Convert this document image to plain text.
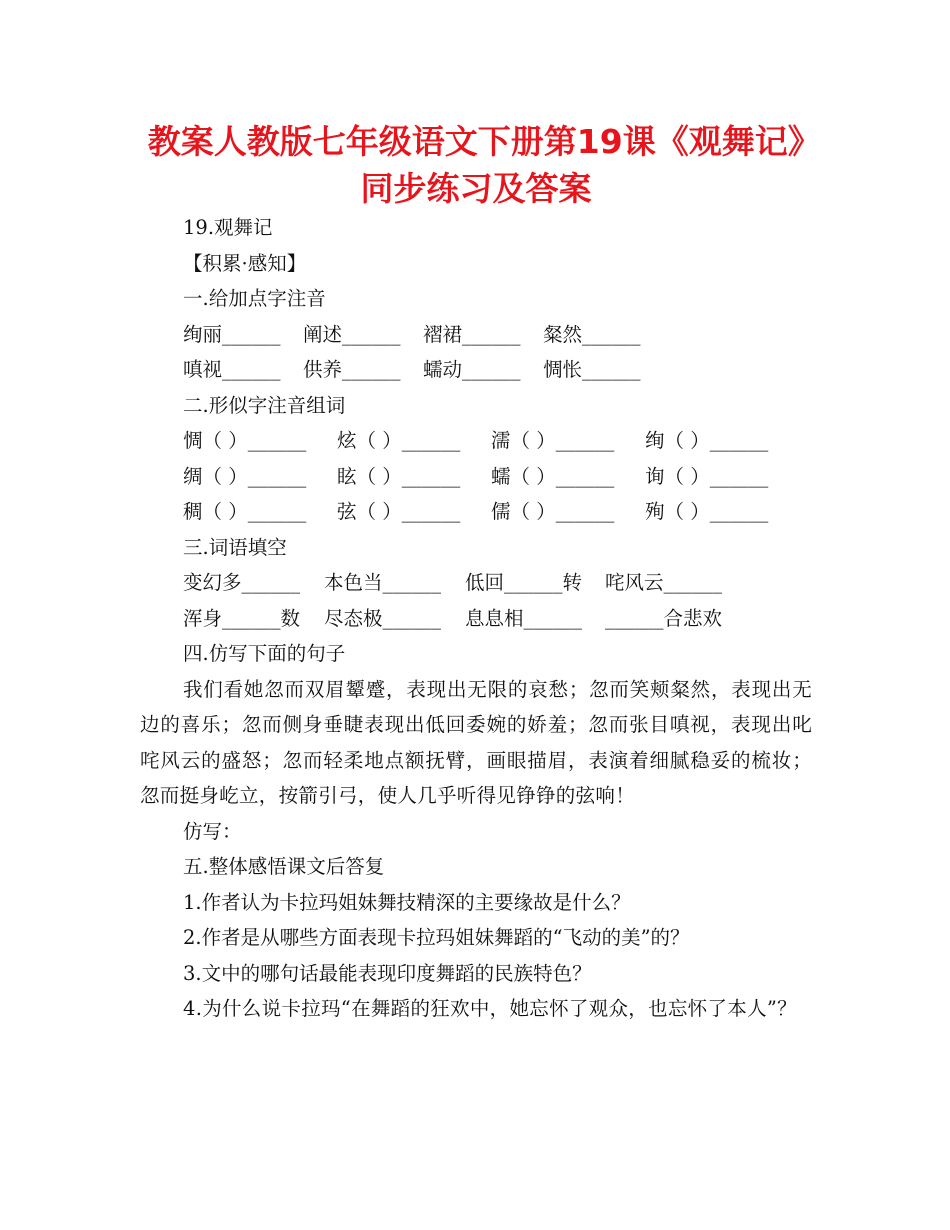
教案人教版七年级语文下册第19课《观舞记》同步练习及答案
19.观舞记
【积累·感知】
一.给加点字注音
绚丽______	阐述______	褶裙______	粲然______
嗔视______	供养______	蠕动______	惆怅______
二.形似字注音组词
惆（ ）______	炫（ ）______	濡（ ）______	绚（ ）______
绸（ ）______	眩（ ）______	蠕（ ）______	询（ ）______
稠（ ）______	弦（ ）______	儒（ ）______	殉（ ）______
三.词语填空
变幻多______	本色当______	低回______转	咤风云______
浑身______数	尽态极______	息息相______	______合悲欢
四.仿写下面的句子
我们看她忽而双眉颦蹙，表现出无限的哀愁；忽而笑颊粲然，表现出无边的喜乐；忽而侧身垂睫表现出低回委婉的娇羞；忽而张目嗔视，表现出叱咤风云的盛怒；忽而轻柔地点额抚臂，画眼描眉，表演着细腻稳妥的梳妆；忽而挺身屹立，按箭引弓，使人几乎听得见铮铮的弦响！
仿写：
五.整体感悟课文后答复
1.作者认为卡拉玛姐妹舞技精深的主要缘故是什么？
2.作者是从哪些方面表现卡拉玛姐妹舞蹈的“飞动的美”的？
3.文中的哪句话最能表现印度舞蹈的民族特色？
4.为什么说卡拉玛“在舞蹈的狂欢中，她忘怀了观众，也忘怀了本人”？
